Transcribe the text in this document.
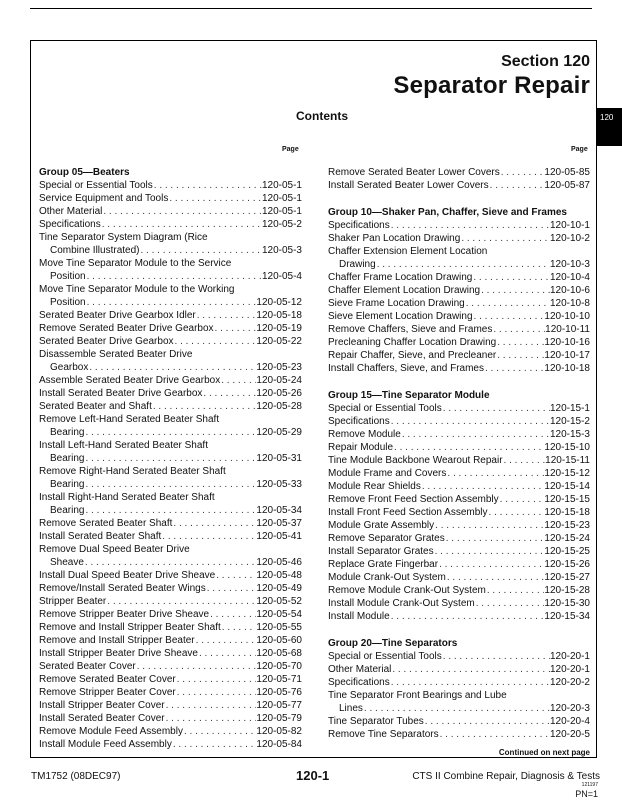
120
Section 120
Separator Repair
Contents
Page	Page
Group 05—Beaters
Special or Essential Tools . . .	120-05-1
Service Equipment and Tools . . .	120-05-1
Other Material . . .	120-05-1
Specifications . . .	120-05-2
Tine Separator System Diagram (Rice
Combine Illustrated) . . .	120-05-3
Move Tine Separator Module to the Service
Position . . .	120-05-4
Move Tine Separator Module to the Working
Position . . .	120-05-12
Serated Beater Drive Gearbox Idler . . .	120-05-18
Remove Serated Beater Drive Gearbox . . .	120-05-19
Serated Beater Drive Gearbox . . .	120-05-22
Disassemble Serated Beater Drive
Gearbox . . .	120-05-23
Assemble Serated Beater Drive Gearbox . . .	120-05-24
Install Serated Beater Drive Gearbox . . .	120-05-26
Serated Beater and Shaft . . .	120-05-28
Remove Left-Hand Serated Beater Shaft
Bearing . . .	120-05-29
Install Left-Hand Serated Beater Shaft
Bearing . . .	120-05-31
Remove Right-Hand Serated Beater Shaft
Bearing . . .	120-05-33
Install Right-Hand Serated Beater Shaft
Bearing . . .	120-05-34
Remove Serated Beater Shaft . . .	120-05-37
Install Serated Beater Shaft . . .	120-05-41
Remove Dual Speed Beater Drive
Sheave . . .	120-05-46
Install Dual Speed Beater Drive Sheave . . .	120-05-48
Remove/Install Serated Beater Wings . . .	120-05-49
Stripper Beater . . .	120-05-52
Remove Stripper Beater Drive Sheave . . .	120-05-54
Remove and Install Stripper Beater Shaft . . .	120-05-55
Remove and Install Stripper Beater . . .	120-05-60
Install Stripper Beater Drive Sheave . . .	120-05-68
Serated Beater Cover . . .	120-05-70
Remove Serated Beater Cover . . .	120-05-71
Remove Stripper Beater Cover . . .	120-05-76
Install Stripper Beater Cover . . .	120-05-77
Install Serated Beater Cover . . .	120-05-79
Remove Module Feed Assembly . . .	120-05-82
Install Module Feed Assembly . . .	120-05-84
Remove Serated Beater Lower Covers . . .	120-05-85
Install Serated Beater Lower Covers . . .	120-05-87
Group 10—Shaker Pan, Chaffer, Sieve and Frames
Specifications . . .	120-10-1
Shaker Pan Location Drawing . . .	120-10-2
Chaffer Extension Element Location
Drawing . . .	120-10-3
Chaffer Frame Location Drawing . . .	120-10-4
Chaffer Element Location Drawing . . .	120-10-6
Sieve Frame Location Drawing . . .	120-10-8
Sieve Element Location Drawing . . .	120-10-10
Remove Chaffers, Sieve and Frames . . .	120-10-11
Precleaning Chaffer Location Drawing . . .	120-10-16
Repair Chaffer, Sieve, and Precleaner . . .	120-10-17
Install Chaffers, Sieve, and Frames . . .	120-10-18
Group 15—Tine Separator Module
Special or Essential Tools . . .	120-15-1
Specifications . . .	120-15-2
Remove Module . . .	120-15-3
Repair Module . . .	120-15-10
Tine Module Backbone Wearout Repair . . .	120-15-11
Module Frame and Covers . . .	120-15-12
Module Rear Shields . . .	120-15-14
Remove Front Feed Section Assembly . . .	120-15-15
Install Front Feed Section Assembly . . .	120-15-18
Module Grate Assembly . . .	120-15-23
Remove Separator Grates . . .	120-15-24
Install Separator Grates . . .	120-15-25
Replace Grate Fingerbar . . .	120-15-26
Module Crank-Out System . . .	120-15-27
Remove Module Crank-Out System . . .	120-15-28
Install Module Crank-Out System . . .	120-15-30
Install Module . . .	120-15-34
Group 20—Tine Separators
Special or Essential Tools . . .	120-20-1
Other Material . . .	120-20-1
Specifications . . .	120-20-2
Tine Separator Front Bearings and Lube
Lines . . .	120-20-3
Tine Separator Tubes . . .	120-20-4
Remove Tine Separators . . .	120-20-5
Continued on next page
TM1752 (08DEC97)	120-1	CTS II Combine Repair, Diagnosis & Tests
121197
PN=1
